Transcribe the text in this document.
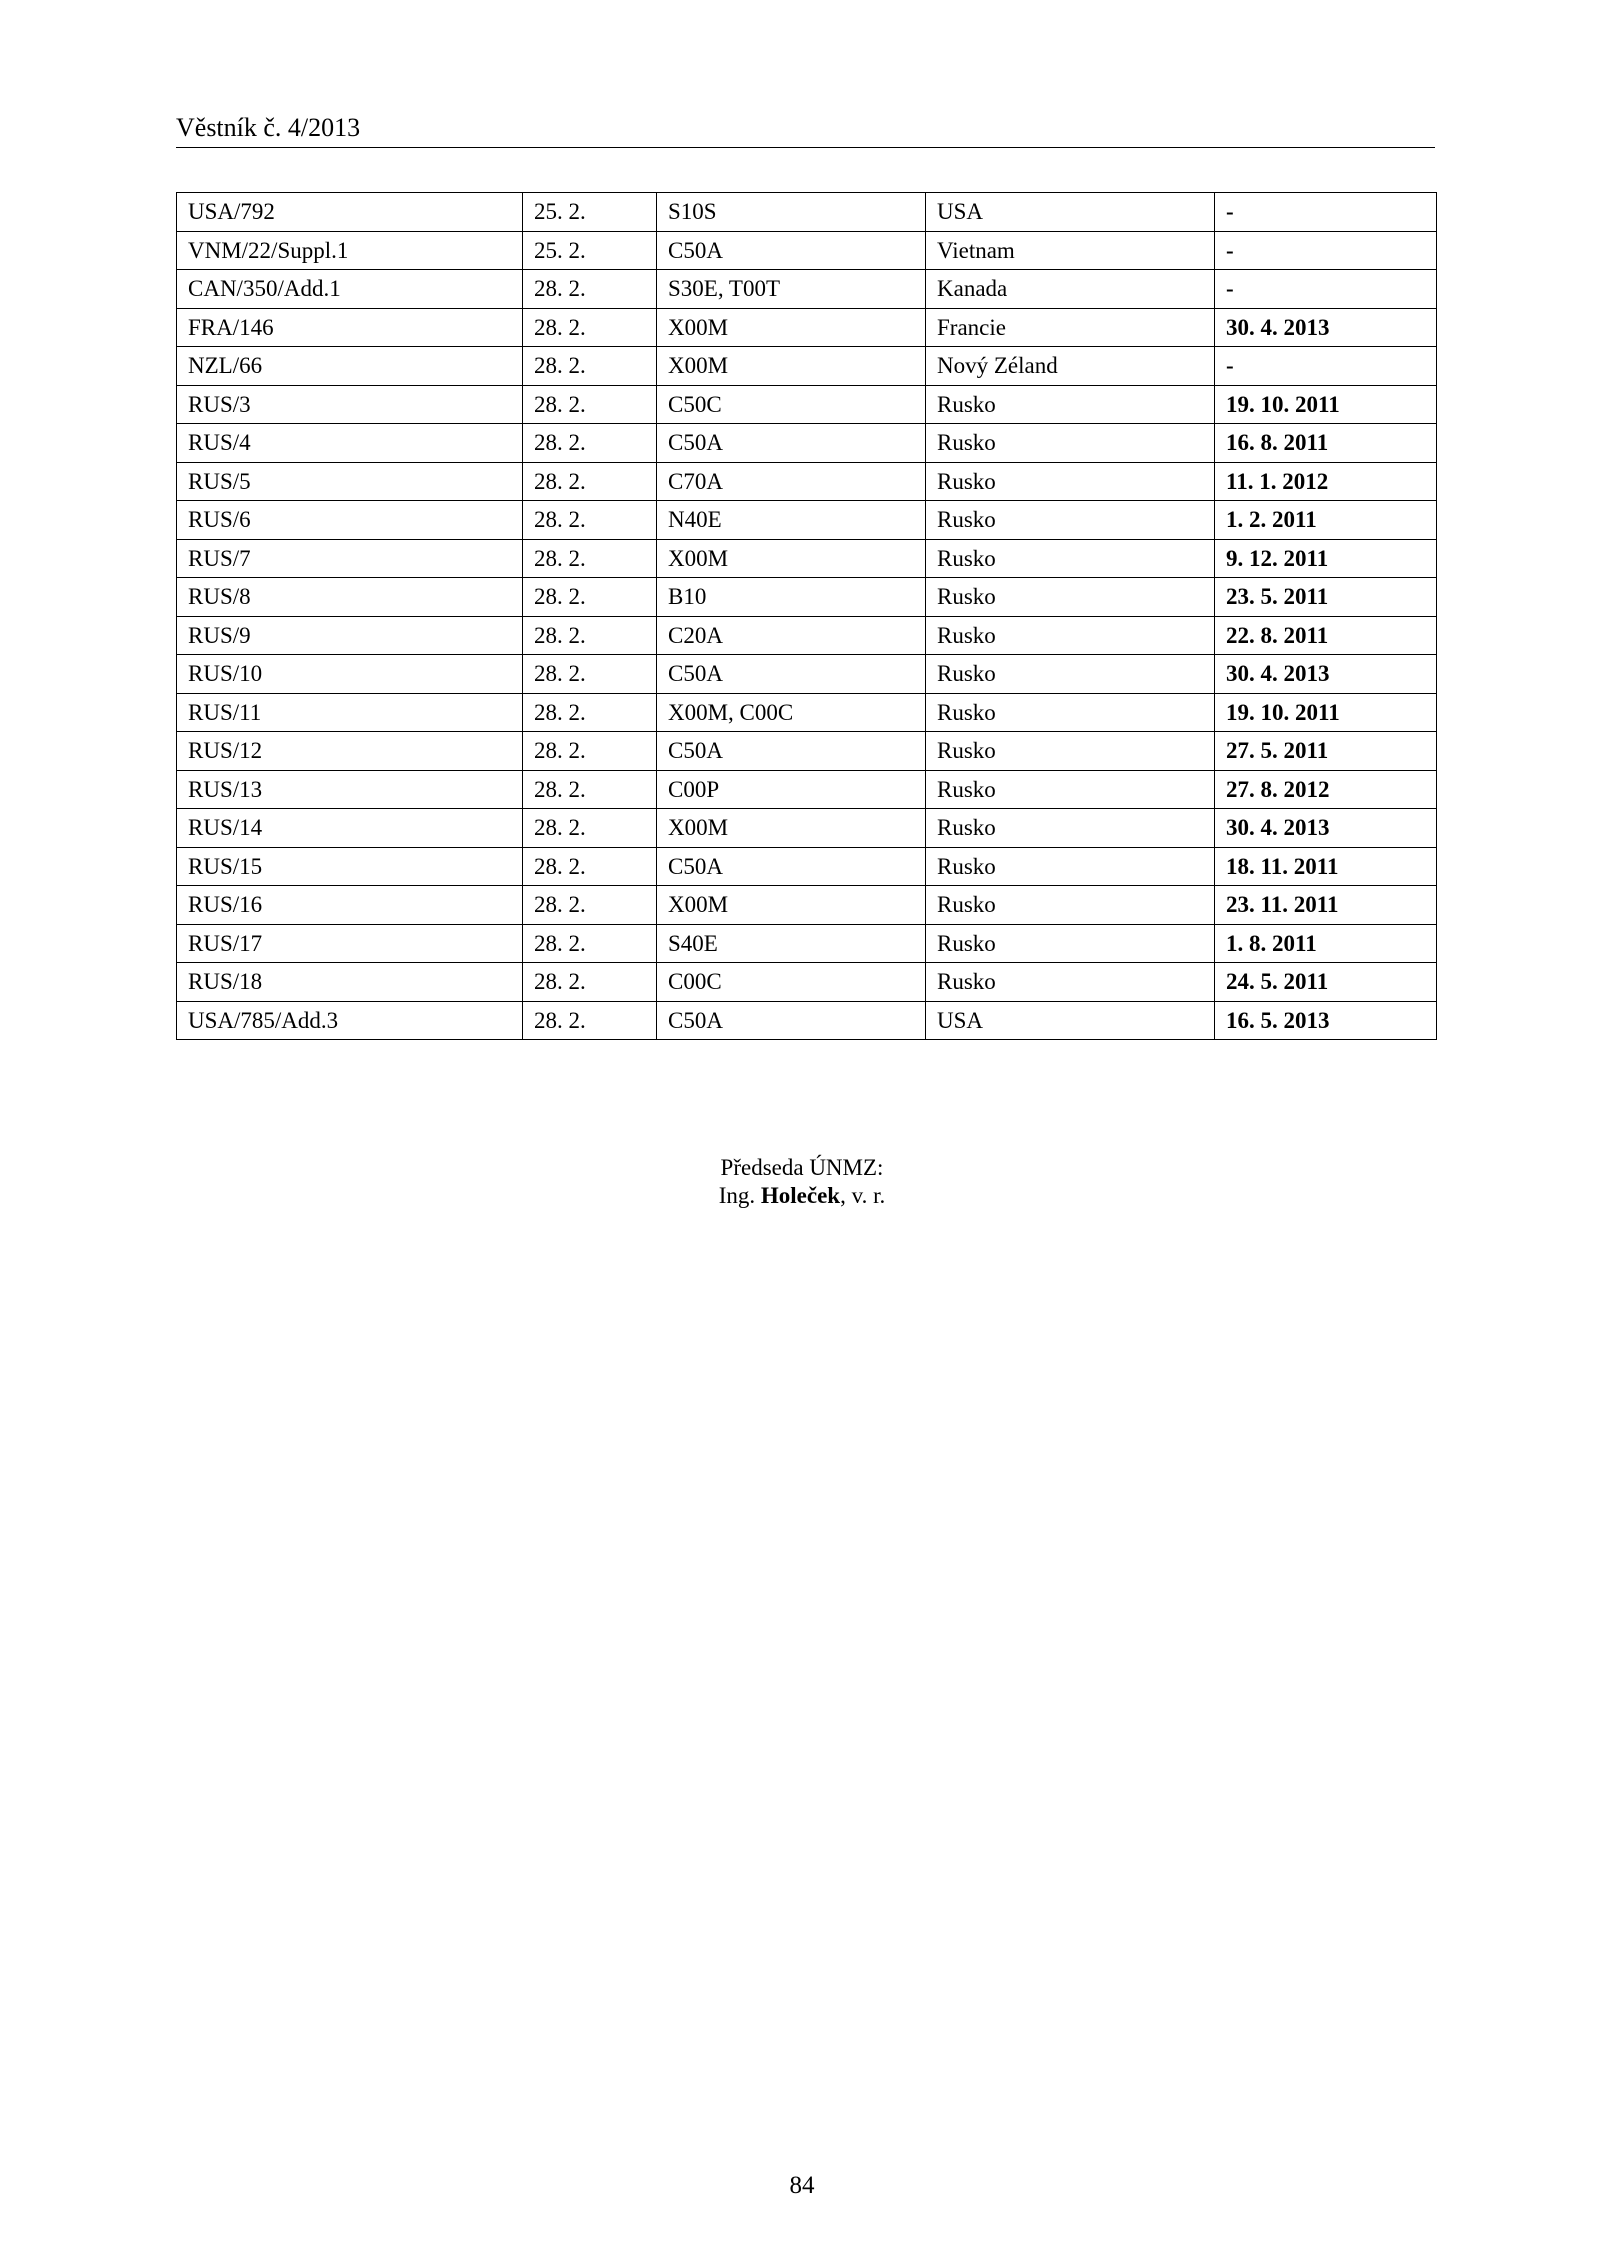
Věstník č. 4/2013
USA/792	25. 2.	S10S	USA	-
VNM/22/Suppl.1	25. 2.	C50A	Vietnam	-
CAN/350/Add.1	28. 2.	S30E, T00T	Kanada	-
FRA/146	28. 2.	X00M	Francie	30. 4. 2013
NZL/66	28. 2.	X00M	Nový Zéland	-
RUS/3	28. 2.	C50C	Rusko	19. 10. 2011
RUS/4	28. 2.	C50A	Rusko	16. 8. 2011
RUS/5	28. 2.	C70A	Rusko	11. 1. 2012
RUS/6	28. 2.	N40E	Rusko	1. 2. 2011
RUS/7	28. 2.	X00M	Rusko	9. 12. 2011
RUS/8	28. 2.	B10	Rusko	23. 5. 2011
RUS/9	28. 2.	C20A	Rusko	22. 8. 2011
RUS/10	28. 2.	C50A	Rusko	30. 4. 2013
RUS/11	28. 2.	X00M, C00C	Rusko	19. 10. 2011
RUS/12	28. 2.	C50A	Rusko	27. 5. 2011
RUS/13	28. 2.	C00P	Rusko	27. 8. 2012
RUS/14	28. 2.	X00M	Rusko	30. 4. 2013
RUS/15	28. 2.	C50A	Rusko	18. 11. 2011
RUS/16	28. 2.	X00M	Rusko	23. 11. 2011
RUS/17	28. 2.	S40E	Rusko	1. 8. 2011
RUS/18	28. 2.	C00C	Rusko	24. 5. 2011
USA/785/Add.3	28. 2.	C50A	USA	16. 5. 2013
Předseda ÚNMZ:
Ing. Holeček, v. r.
84
